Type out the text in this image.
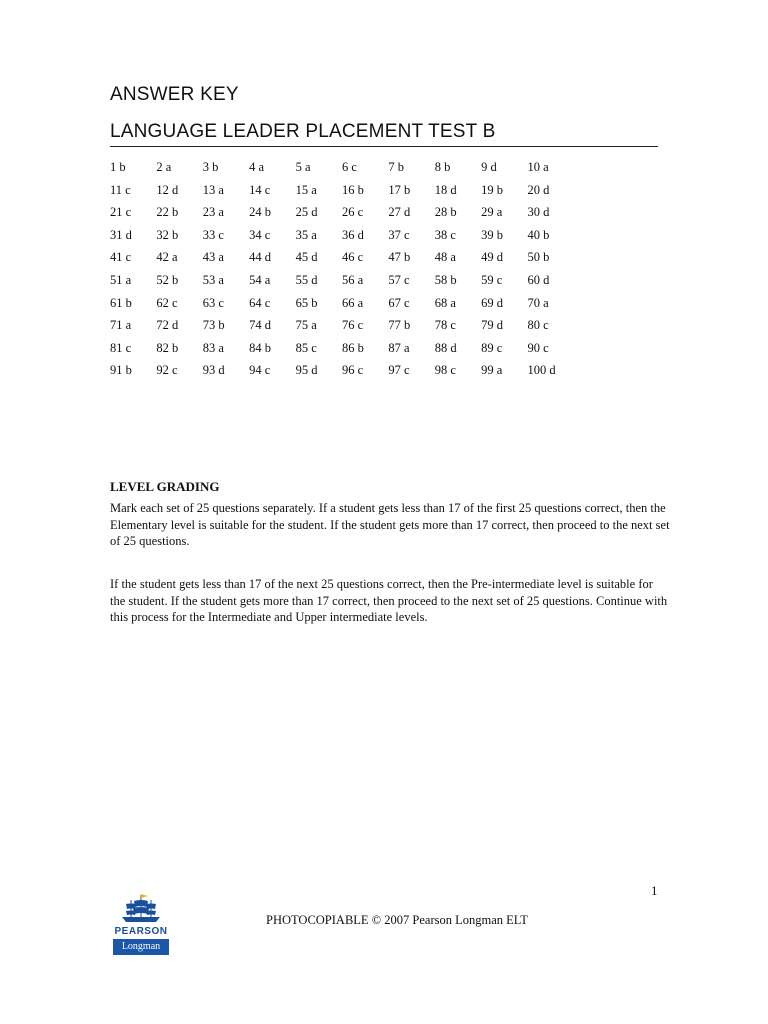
ANSWER KEY
LANGUAGE LEADER PLACEMENT TEST B
1 b	2 a	3 b	4 a	5 a	6 c	7 b	8 b	9 d	10 a
11 c	12 d	13 a	14 c	15 a	16 b	17 b	18 d	19 b	20 d
21 c	22 b	23 a	24 b	25 d	26 c	27 d	28 b	29 a	30 d
31 d	32 b	33 c	34 c	35 a	36 d	37 c	38 c	39 b	40 b
41 c	42 a	43 a	44 d	45 d	46 c	47 b	48 a	49 d	50 b
51 a	52 b	53 a	54 a	55 d	56 a	57 c	58 b	59 c	60 d
61 b	62 c	63 c	64 c	65 b	66 a	67 c	68 a	69 d	70 a
71 a	72 d	73 b	74 d	75 a	76 c	77 b	78 c	79 d	80 c
81 c	82 b	83 a	84 b	85 c	86 b	87 a	88 d	89 c	90 c
91 b	92 c	93 d	94 c	95 d	96 c	97 c	98 c	99 a	100 d
LEVEL GRADING

Mark each set of 25 questions separately. If a student gets less than 17 of the first 25 questions correct, then the Elementary level is suitable for the student. If the student gets more than 17 correct, then proceed to the next set of 25 questions.

If the student gets less than 17 of the next 25 questions correct, then the Pre-intermediate level is suitable for the student. If the student gets more than 17 correct, then proceed to the next set of 25 questions. Continue with this process for the Intermediate and Upper intermediate levels.

1
PEARSON
Longman
PHOTOCOPIABLE © 2007 Pearson Longman ELT
